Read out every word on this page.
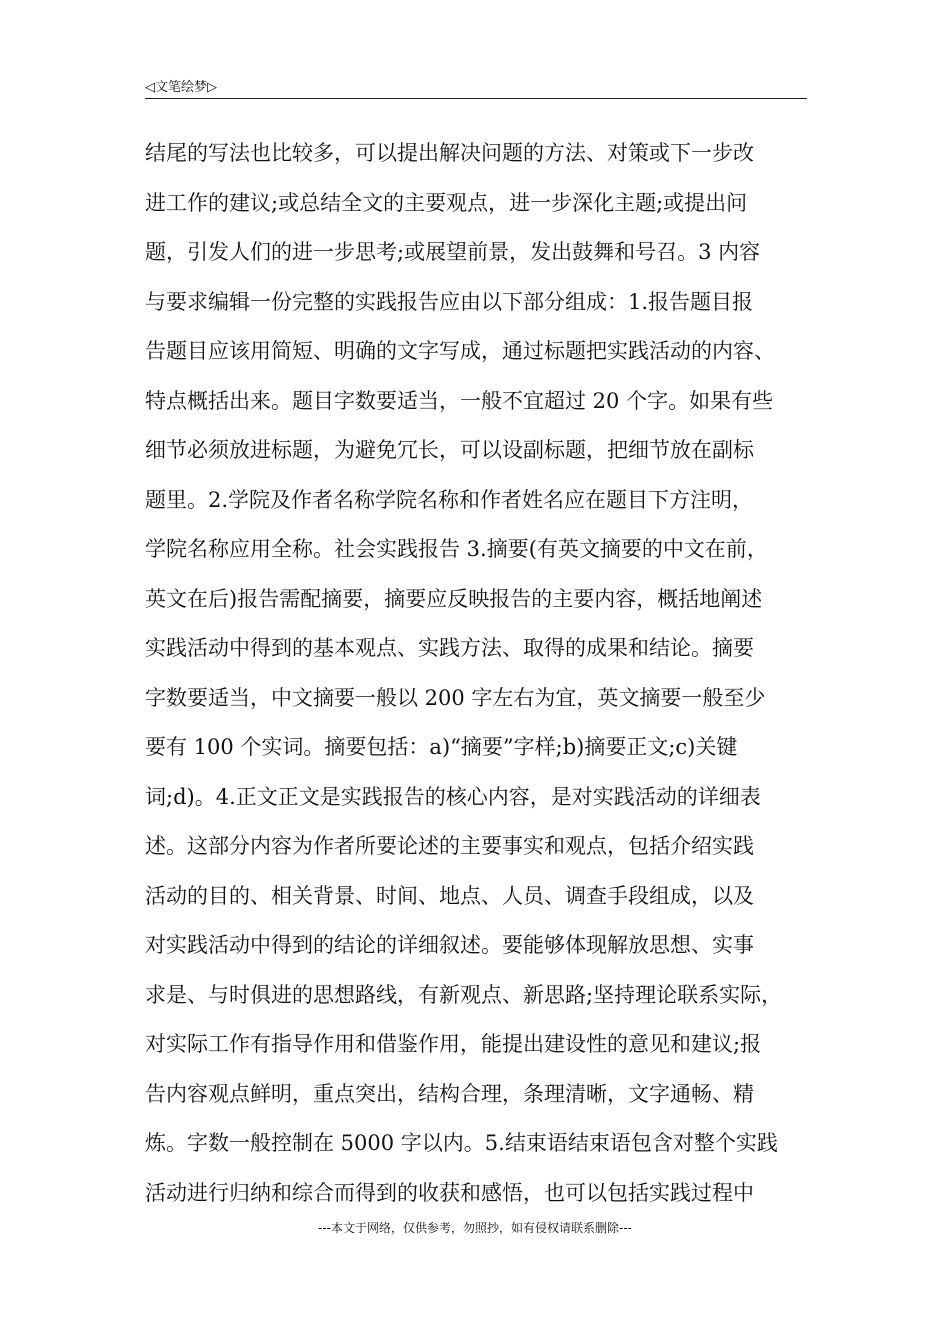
◁文笔绘梦▷
结尾的写法也比较多，可以提出解决问题的方法、对策或下一步改
进工作的建议;或总结全文的主要观点，进一步深化主题;或提出问
题，引发人们的进一步思考;或展望前景，发出鼓舞和号召。3 内容
与要求编辑一份完整的实践报告应由以下部分组成：1.报告题目报
告题目应该用简短、明确的文字写成，通过标题把实践活动的内容、
特点概括出来。题目字数要适当，一般不宜超过 20 个字。如果有些
细节必须放进标题，为避免冗长，可以设副标题，把细节放在副标
题里。2.学院及作者名称学院名称和作者姓名应在题目下方注明，
学院名称应用全称。社会实践报告 3.摘要(有英文摘要的中文在前，
英文在后)报告需配摘要，摘要应反映报告的主要内容，概括地阐述
实践活动中得到的基本观点、实践方法、取得的成果和结论。摘要
字数要适当，中文摘要一般以 200 字左右为宜，英文摘要一般至少
要有 100 个实词。摘要包括：a)“摘要”字样;b)摘要正文;c)关键
词;d)。4.正文正文是实践报告的核心内容，是对实践活动的详细表
述。这部分内容为作者所要论述的主要事实和观点，包括介绍实践
活动的目的、相关背景、时间、地点、人员、调查手段组成，以及
对实践活动中得到的结论的详细叙述。要能够体现解放思想、实事
求是、与时俱进的思想路线，有新观点、新思路;坚持理论联系实际，
对实际工作有指导作用和借鉴作用，能提出建设性的意见和建议;报
告内容观点鲜明，重点突出，结构合理，条理清晰，文字通畅、精
炼。字数一般控制在 5000 字以内。5.结束语结束语包含对整个实践
活动进行归纳和综合而得到的收获和感悟，也可以包括实践过程中
---本文于网络，仅供参考，勿照抄，如有侵权请联系删除---
